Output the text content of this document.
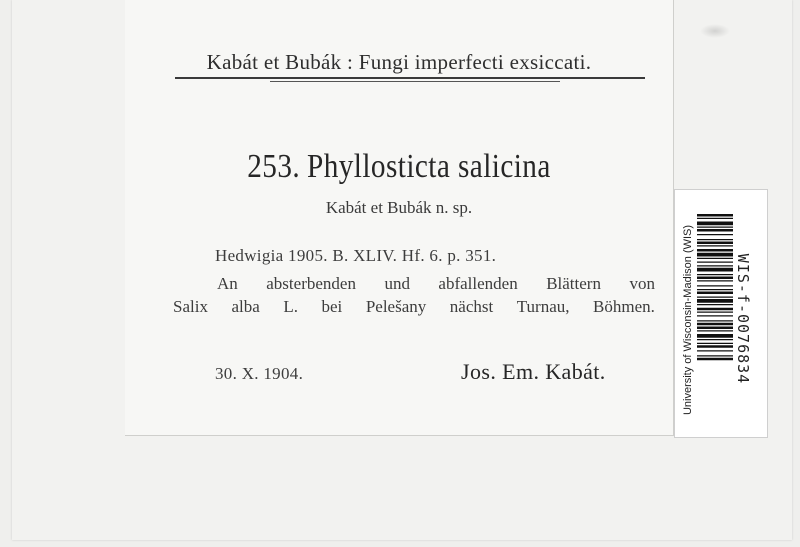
Kabát et Bubák : Fungi imperfecti exsiccati.
253. Phyllosticta salicina
Kabát et Bubák n. sp.
Hedwigia 1905. B. XLIV. Hf. 6. p. 351.
An absterbenden und abfallenden Blättern von
Salix alba L. bei Pelešany nächst Turnau, Böhmen.
30. X. 1904.	Jos. Em. Kabát.	University of Wisconsin-Madison (WIS)	WIS-f-0076834
